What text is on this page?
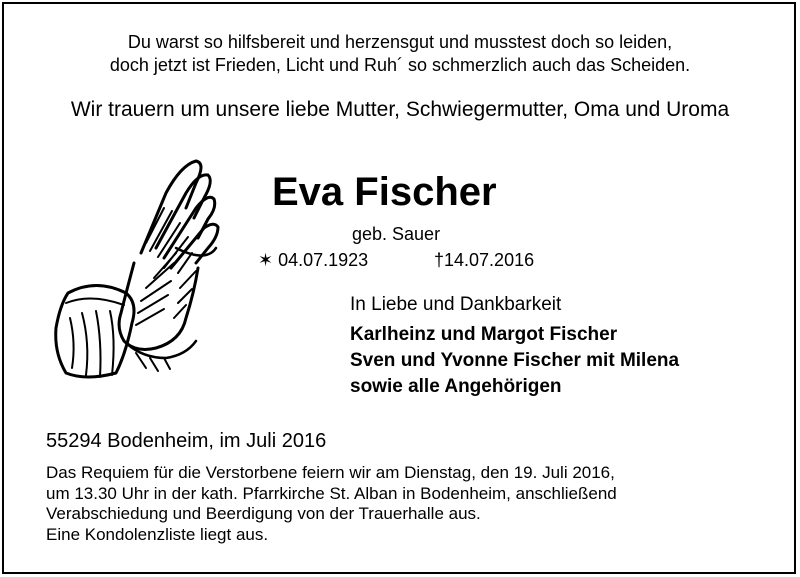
Du warst so hilfsbereit und herzensgut und musstest doch so leiden,
doch jetzt ist Frieden, Licht und Ruh´ so schmerzlich auch das Scheiden.
Wir trauern um unsere liebe Mutter, Schwiegermutter, Oma und Uroma
Eva Fischer
geb. Sauer
✶ 04.07.1923	†14.07.2016
In Liebe und Dankbarkeit
Karlheinz und Margot Fischer
Sven und Yvonne Fischer mit Milena
sowie alle Angehörigen
55294 Bodenheim, im Juli 2016
Das Requiem für die Verstorbene feiern wir am Dienstag, den 19. Juli 2016,
um 13.30 Uhr in der kath. Pfarrkirche St. Alban in Bodenheim, anschließend
Verabschiedung und Beerdigung von der Trauerhalle aus.
Eine Kondolenzliste liegt aus.
